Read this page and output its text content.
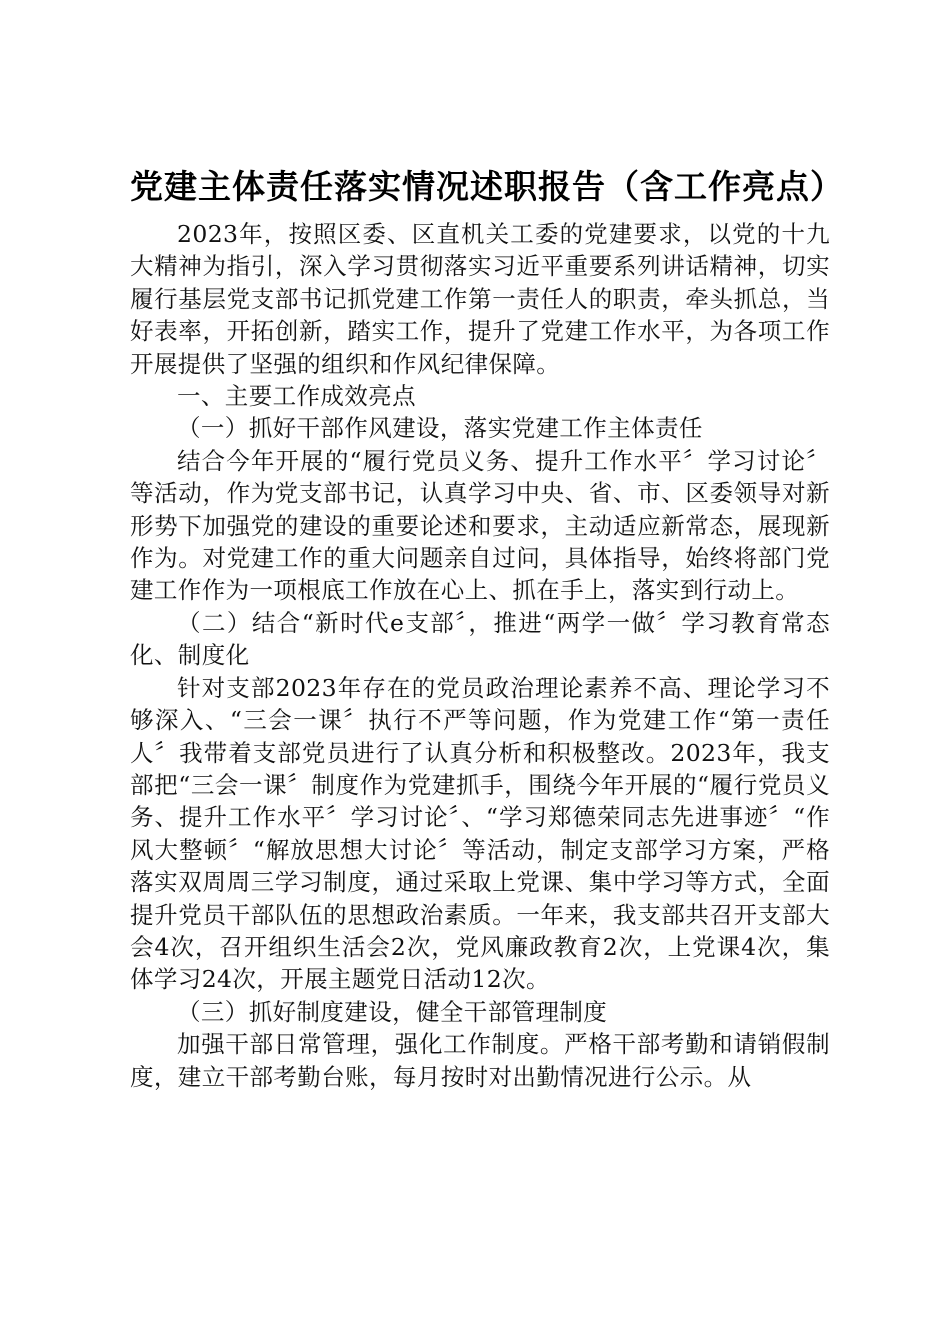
党建主体责任落实情况述职报告（含工作亮点）

2023年，按照区委、区直机关工委的党建要求，以党的十九大精神为指引，深入学习贯彻落实习近平重要系列讲话精神，切实履行基层党支部书记抓党建工作第一责任人的职责，牵头抓总，当好表率，开拓创新，踏实工作，提升了党建工作水平，为各项工作开展提供了坚强的组织和作风纪律保障。

一、主要工作成效亮点

（一）抓好干部作风建设，落实党建工作主体责任

结合今年开展的“履行党员义务、提升工作水平〞学习讨论〞等活动，作为党支部书记，认真学习中央、省、市、区委领导对新形势下加强党的建设的重要论述和要求，主动适应新常态，展现新作为。对党建工作的重大问题亲自过问，具体指导，始终将部门党建工作作为一项根底工作放在心上、抓在手上，落实到行动上。

（二）结合“新时代e支部〞，推进“两学一做〞学习教育常态化、制度化

针对支部2023年存在的党员政治理论素养不高、理论学习不够深入、“三会一课〞执行不严等问题，作为党建工作“第一责任人〞我带着支部党员进行了认真分析和积极整改。2023年，我支部把“三会一课〞制度作为党建抓手，围绕今年开展的“履行党员义务、提升工作水平〞学习讨论〞、“学习郑德荣同志先进事迹〞“作风大整顿〞“解放思想大讨论〞等活动，制定支部学习方案，严格落实双周周三学习制度，通过采取上党课、集中学习等方式，全面提升党员干部队伍的思想政治素质。一年来，我支部共召开支部大会4次，召开组织生活会2次，党风廉政教育2次，上党课4次，集体学习24次，开展主题党日活动12次。

（三）抓好制度建设，健全干部管理制度

加强干部日常管理，强化工作制度。严格干部考勤和请销假制度，建立干部考勤台账，每月按时对出勤情况进行公示。从
